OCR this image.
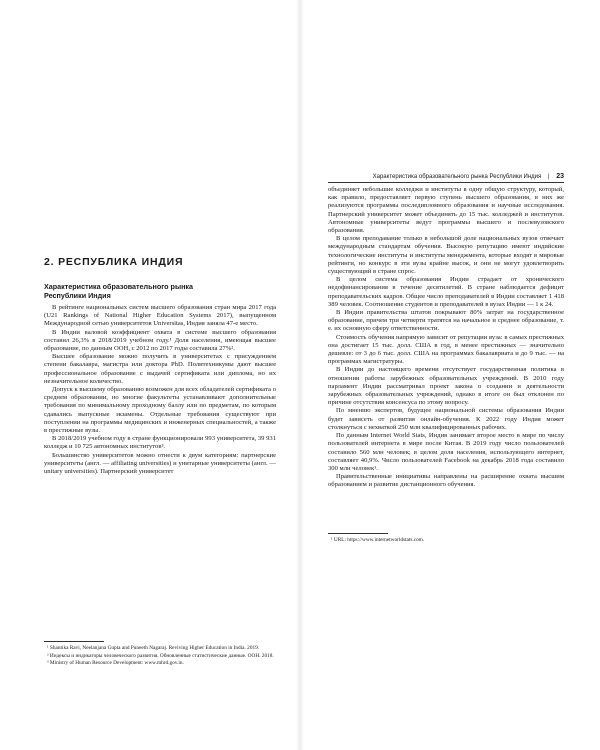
2. РЕСПУБЛИКА ИНДИЯ
Характеристика образовательного рынка
Республики Индия

В рейтинге национальных систем высшего образования стран мира 2017 года (U21 Rankings of National Higher Education Systems 2017), выпущенном Международной сетью университетов Universitas, Индия заняла 47-е место.

В Индии валовой коэффициент охвата в системе высшего образования составил 26,3% в 2018/2019 учебном году.¹ Доля населения, имеющая высшее образование, по данным ООН, с 2012 по 2017 годы составила 27%².

Высшее образование можно получить в университетах с присуждением степени бакалавра, магистра или доктора PhD. Политехникумы дают высшее профессиональное образование с выдачей сертификата или диплома, но их незначительное количество.

Допуск к высшему образованию возможен для всех обладателей сертификата о среднем образовании, но многие факультеты устанавливают дополнительные требования по минимальному проходному баллу или по предметам, по которым сдавались выпускные экзамены. Отдельные требования существуют при поступлении на программы медицинских и инженерных специальностей, а также в престижные вузы.

В 2018/2019 учебном году в стране функционировали 993 университета, 39 931 колледж и 10 725 автономных институтов³.

Большинство университетов можно отнести к двум категориям: партнерские университеты (англ. — affiliating universities) и унитарные университеты (англ. — unitary universities). Партнерский университет

¹ Shantika Ravi, Neelanjana Gupta and Puneeth Nagaraj. Reviving Higher Education in India. 2019.
² Индексы и индикаторы человеческого развития. Обновленные статистические данные. ООН. 2018.
³ Ministry of Human Resource Development: www.mhrd.gov.in.
Характеристика образовательного рынка Республики Индия | 23

объединяет небольшие колледжи и институты в одну общую структуру, который, как правило, предоставляет первую ступень высшего образования, в них же реализуются программы последипломного образования и научные исследования. Партнерский университет может объединять до 15 тыс. колледжей и институтов. Автономные университеты ведут программы высшего и послевузовского образования.

В целом преподавание только в небольшой доле национальных вузов отвечает международным стандартам обучения. Высокую репутацию имеют индийские технологические институты и институты менеджмента, которые входят в мировые рейтинги, но конкурс в эти вузы крайне высок, и они не могут удовлетворить существующий в стране спрос.

В целом система образования Индии страдает от хронического недофинансирования в течение десятилетий. В стране наблюдается дефицит преподавательских кадров. Общее число преподавателей в Индии составляет 1 418 389 человек. Соотношение студентов и преподавателей в вузах Индии — 1 к 24.

В Индии правительства штатов покрывают 80% затрат на государственное образование, причем три четверти тратятся на начальное и среднее образование, т. е. их основную сферу ответственности.

Стоимость обучения напрямую зависит от репутации вуза: в самых престижных она достигает 15 тыс. долл. США в год, в менее престижных — значительно дешевле: от 3 до 6 тыс. долл. США на программах бакалавриата и до 9 тыс. — на программах магистратуры.

В Индии до настоящего времени отсутствует государственная политика в отношении работы зарубежных образовательных учреждений. В 2010 году парламент Индии рассматривал проект закона о создании и деятельности зарубежных образовательных учреждений, однако в итоге он был отклонен по причине отсутствия консенсуса по этому вопросу.

По мнению экспертов, будущее национальной системы образования Индии будет зависеть от развития онлайн-обучения. К 2022 году Индия может столкнуться с нехваткой 250 млн квалифицированных рабочих.

По данным Internet World Stats, Индия занимает второе место в мире по числу пользователей интернета в мире после Китая. В 2019 году число пользователей составило 560 млн человек; в целом доля населения, использующего интернет, составляет 40,9%. Число пользователей Facebook на декабрь 2018 года составило 300 млн человек¹.

Правительственные инициативы направлены на расширение охвата высшим образованием и развитие дистанционного обучения.

¹ URL: https://www.internetworldstats.com.
